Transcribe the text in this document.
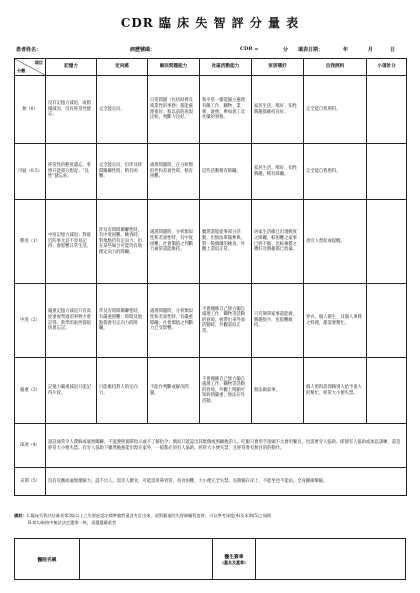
CDR 臨 床 失 智 評 分 量 表
患者姓名：	病歷號碼：	CDR =	分 填表日期：	年	月	日
項目
分數	記憶力	定向感	解決問題能力	社區活動能力	家居嗜好	自我照料	小項計分
無（0）	沒有記憶力減退，或稍微減退，沒有經常性健忘。	完全能定向。	日常問題（包括財務及商業性的事務）都能處理很好；和以前的表現比較，判斷力良好。	和平常一樣能獨立處理有關工作、購物、業務、財務、參加義工及社團的事務。	家居生活、嗜好、知性興趣都維持良好。	完全能自我照料。	
可疑（0.5）	經常性的輕度遺忘，事情只能部分想起；“良性”健忘症。	完全能定向，但涉及時間關聯性時，稍有困難。	處理問題時，在分析類似性和差異性時，稍有困難。	這些活動稍有障礙。	家居生活、嗜好、知性興趣，稍有障礙。	完全能自我照料。	
輕度（1）	中度記憶力減退；對最近的事尤其不容易記得；會影響日常生活。	涉及有時間關聯性時，有中度困難。檢查時，對地點仍有定向力；但在某些場合可能仍有地理定向力的障礙。	處理問題時，分析類似性和差異性時，有中度困難；社會價值之判斷力通常還能維持。	雖然還能從事部分活動，但無法單獨參與。對一般偶爾的檢查，外觀上還似正常。	居家生活確已出現輕度之障礙，較困難之家事已經不做；比較複雜之嗜好及興趣都已放棄。	須旁人督促或提醒。	
中度（2）	嚴重記憶力減退只有高度重複學過的事物才會記得；新學的東西都很快會忘記。	涉及有時間關聯性時，有嚴重困難；時間及地點都會有定向力的障礙。	處理問題時，分析類似性和差異性時，有嚴重障礙；社會價值之判斷力已受影響。	不會掩飾自己無力獨自處理工作、購物等活動的窘境。被帶出來外面活動時，外觀還似正常。	只有簡單家事還能做，興趣很少，也很難維持。	穿衣、個人衛生、及個人事務之料理，都需要幫忙。	
嚴重（3）	記憶力嚴重減退只能記得片段。	只能維持對人的定向力。	不能作判斷或解決問題。	不會掩飾自己無力獨自處理工作、購物等活動的窘境。外觀上明顯可知病情嚴重，無法在外活動。	無法做家事。	個人照料需仰賴別人給予很大的幫忙，經常大小便失禁。	
深度（4）	說話通常令人費解或毫無關聯，不能遵照簡單指示或不了解指令；偶而只能認出其配偶或照顧他的人。吃飯只會用手指頭不太會用餐具，也需要旁人協助。即使有人協助或加以訓練，還是經常大小便失禁。有旁人協助下雖然勉強能出現在家外，一般都必須有人協助，經常大小便失禁，且經常會有無目的的動作。						
末期（5）	沒有反應或毫無理解力。認不出人。需旁人餵食，可能需用鼻胃管。吞食困難，大小便完全失禁。長期躺在床上，不能坐也不能站，全身關節攣縮。						
備註：1.臨床失智評估量表第3級以上之失智症認定標準雖然還沒有訂出來，面對嚴重的失智障礙程度時，可以參考深度(4)及末期(5)之規則
B.如勾兩格中無法決定選那一格，須選選嚴重者
醫院名稱		醫生簽章
(蓋名及蓋章)
